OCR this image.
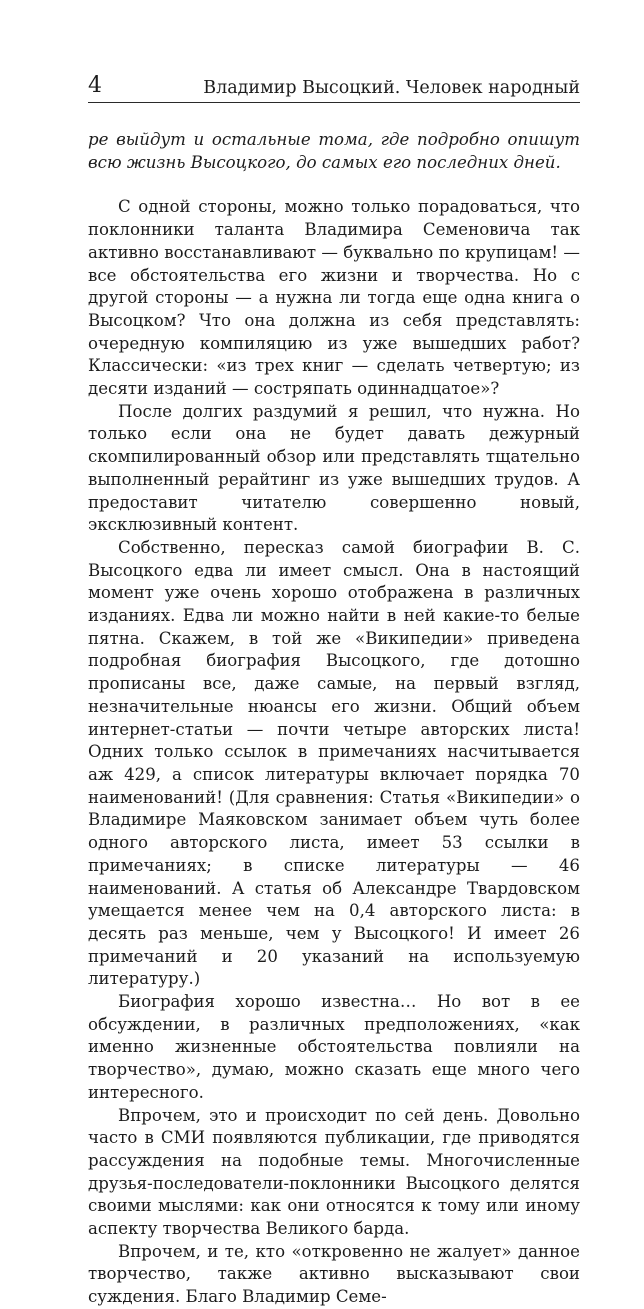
4	Владимир Высоцкий. Человек народный

ре выйдут и остальные тома, где подробно опишут всю жизнь Высоцкого, до самых его последних дней.

С одной стороны, можно только порадоваться, что поклонники таланта Владимира Семеновича так активно восстанавливают — буквально по крупицам! — все обстоятельства его жизни и творчества. Но с другой стороны — а нужна ли тогда еще одна книга о Высоцком? Что она должна из себя представлять: очередную компиляцию из уже вышедших работ? Классически: «из трех книг — сделать четвертую; из десяти изданий — состряпать одиннадцатое»?

После долгих раздумий я решил, что нужна. Но только если она не будет давать дежурный скомпилированный обзор или представлять тщательно выполненный рерайтинг из уже вышедших трудов. А предоставит читателю совершенно новый, эксклюзивный контент.

Собственно, пересказ самой биографии В. С. Высоцкого едва ли имеет смысл. Она в настоящий момент уже очень хорошо отображена в различных изданиях. Едва ли можно найти в ней какие-то белые пятна. Скажем, в той же «Википедии» приведена подробная биография Высоцкого, где дотошно прописаны все, даже самые, на первый взгляд, незначительные нюансы его жизни. Общий объем интернет-статьи — почти четыре авторских листа! Одних только ссылок в примечаниях насчитывается аж 429, а список литературы включает порядка 70 наименований! (Для сравнения: Статья «Википедии» о Владимире Маяковском занимает объем чуть более одного авторского листа, имеет 53 ссылки в примечаниях; в списке литературы — 46 наименований. А статья об Александре Твардовском умещается менее чем на 0,4 авторского листа: в десять раз меньше, чем у Высоцкого! И имеет 26 примечаний и 20 указаний на используемую литературу.)

Биография хорошо известна… Но вот в ее обсуждении, в различных предположениях, «как именно жизненные обстоятельства повлияли на творчество», думаю, можно сказать еще много чего интересного.

Впрочем, это и происходит по сей день. Довольно часто в СМИ появляются публикации, где приводятся рассуждения на подобные темы. Многочисленные друзья-последователи-поклонники Высоцкого делятся своими мыслями: как они относятся к тому или иному аспекту творчества Великого барда.

Впрочем, и те, кто «откровенно не жалует» данное творчество, также активно высказывают свои суждения. Благо Владимир Семе-
